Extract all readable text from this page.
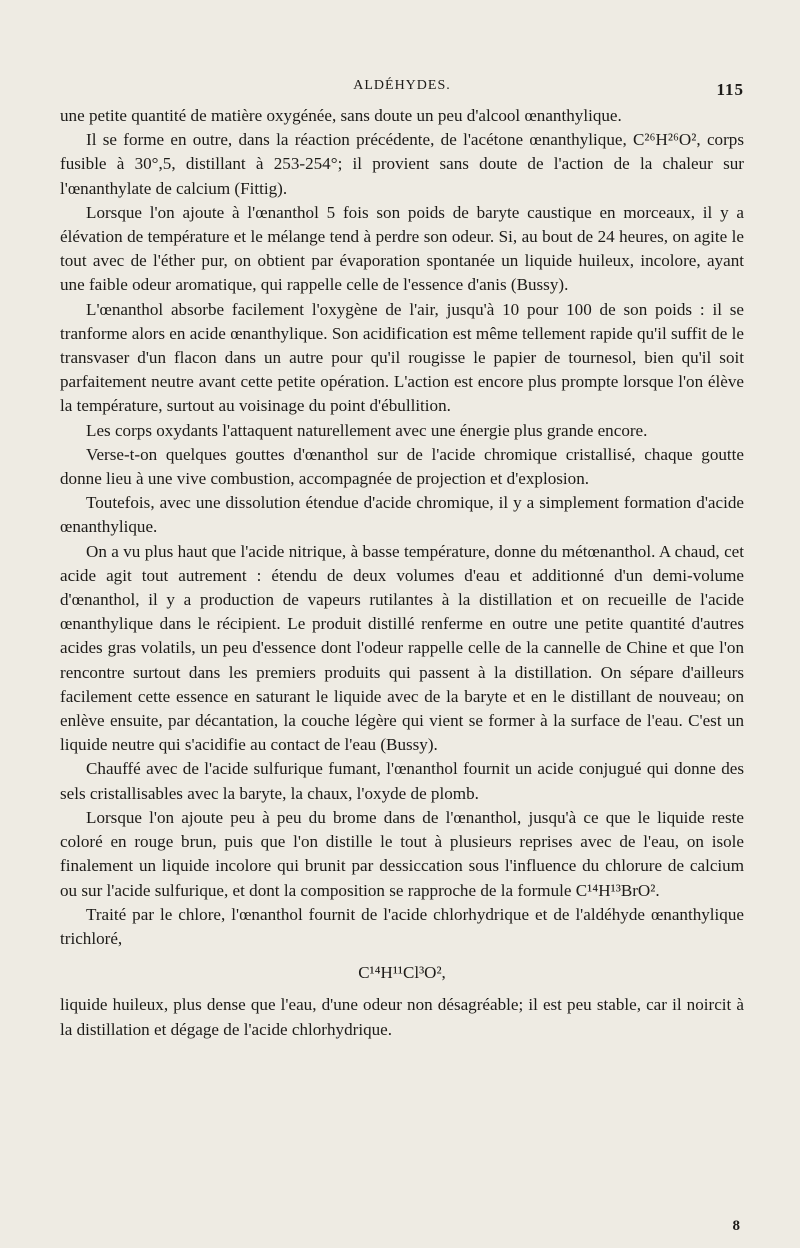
ALDÉHYDES.	115

une petite quantité de matière oxygénée, sans doute un peu d'alcool œnanthylique.

Il se forme en outre, dans la réaction précédente, de l'acétone œnanthylique, C²⁶H²⁶O², corps fusible à 30°,5, distillant à 253-254°; il provient sans doute de l'action de la chaleur sur l'œnanthylate de calcium (Fittig).

Lorsque l'on ajoute à l'œnanthol 5 fois son poids de baryte caustique en morceaux, il y a élévation de température et le mélange tend à perdre son odeur. Si, au bout de 24 heures, on agite le tout avec de l'éther pur, on obtient par évaporation spontanée un liquide huileux, incolore, ayant une faible odeur aromatique, qui rappelle celle de l'essence d'anis (Bussy).

L'œnanthol absorbe facilement l'oxygène de l'air, jusqu'à 10 pour 100 de son poids : il se tranforme alors en acide œnanthylique. Son acidification est même tellement rapide qu'il suffit de le transvaser d'un flacon dans un autre pour qu'il rougisse le papier de tournesol, bien qu'il soit parfaitement neutre avant cette petite opération. L'action est encore plus prompte lorsque l'on élève la température, surtout au voisinage du point d'ébullition.

Les corps oxydants l'attaquent naturellement avec une énergie plus grande encore.

Verse-t-on quelques gouttes d'œnanthol sur de l'acide chromique cristallisé, chaque goutte donne lieu à une vive combustion, accompagnée de projection et d'explosion.

Toutefois, avec une dissolution étendue d'acide chromique, il y a simplement formation d'acide œnanthylique.

On a vu plus haut que l'acide nitrique, à basse température, donne du métœnanthol. A chaud, cet acide agit tout autrement : étendu de deux volumes d'eau et additionné d'un demi-volume d'œnanthol, il y a production de vapeurs rutilantes à la distillation et on recueille de l'acide œnanthylique dans le récipient. Le produit distillé renferme en outre une petite quantité d'autres acides gras volatils, un peu d'essence dont l'odeur rappelle celle de la cannelle de Chine et que l'on rencontre surtout dans les premiers produits qui passent à la distillation. On sépare d'ailleurs facilement cette essence en saturant le liquide avec de la baryte et en le distillant de nouveau; on enlève ensuite, par décantation, la couche légère qui vient se former à la surface de l'eau. C'est un liquide neutre qui s'acidifie au contact de l'eau (Bussy).

Chauffé avec de l'acide sulfurique fumant, l'œnanthol fournit un acide conjugué qui donne des sels cristallisables avec la baryte, la chaux, l'oxyde de plomb.

Lorsque l'on ajoute peu à peu du brome dans de l'œnanthol, jusqu'à ce que le liquide reste coloré en rouge brun, puis que l'on distille le tout à plusieurs reprises avec de l'eau, on isole finalement un liquide incolore qui brunit par dessiccation sous l'influence du chlorure de calcium ou sur l'acide sulfurique, et dont la composition se rapproche de la formule C¹⁴H¹³BrO².

Traité par le chlore, l'œnanthol fournit de l'acide chlorhydrique et de l'aldéhyde œnanthylique trichloré,

C¹⁴H¹¹Cl³O²,

liquide huileux, plus dense que l'eau, d'une odeur non désagréable; il est peu stable, car il noircit à la distillation et dégage de l'acide chlorhydrique.

8
